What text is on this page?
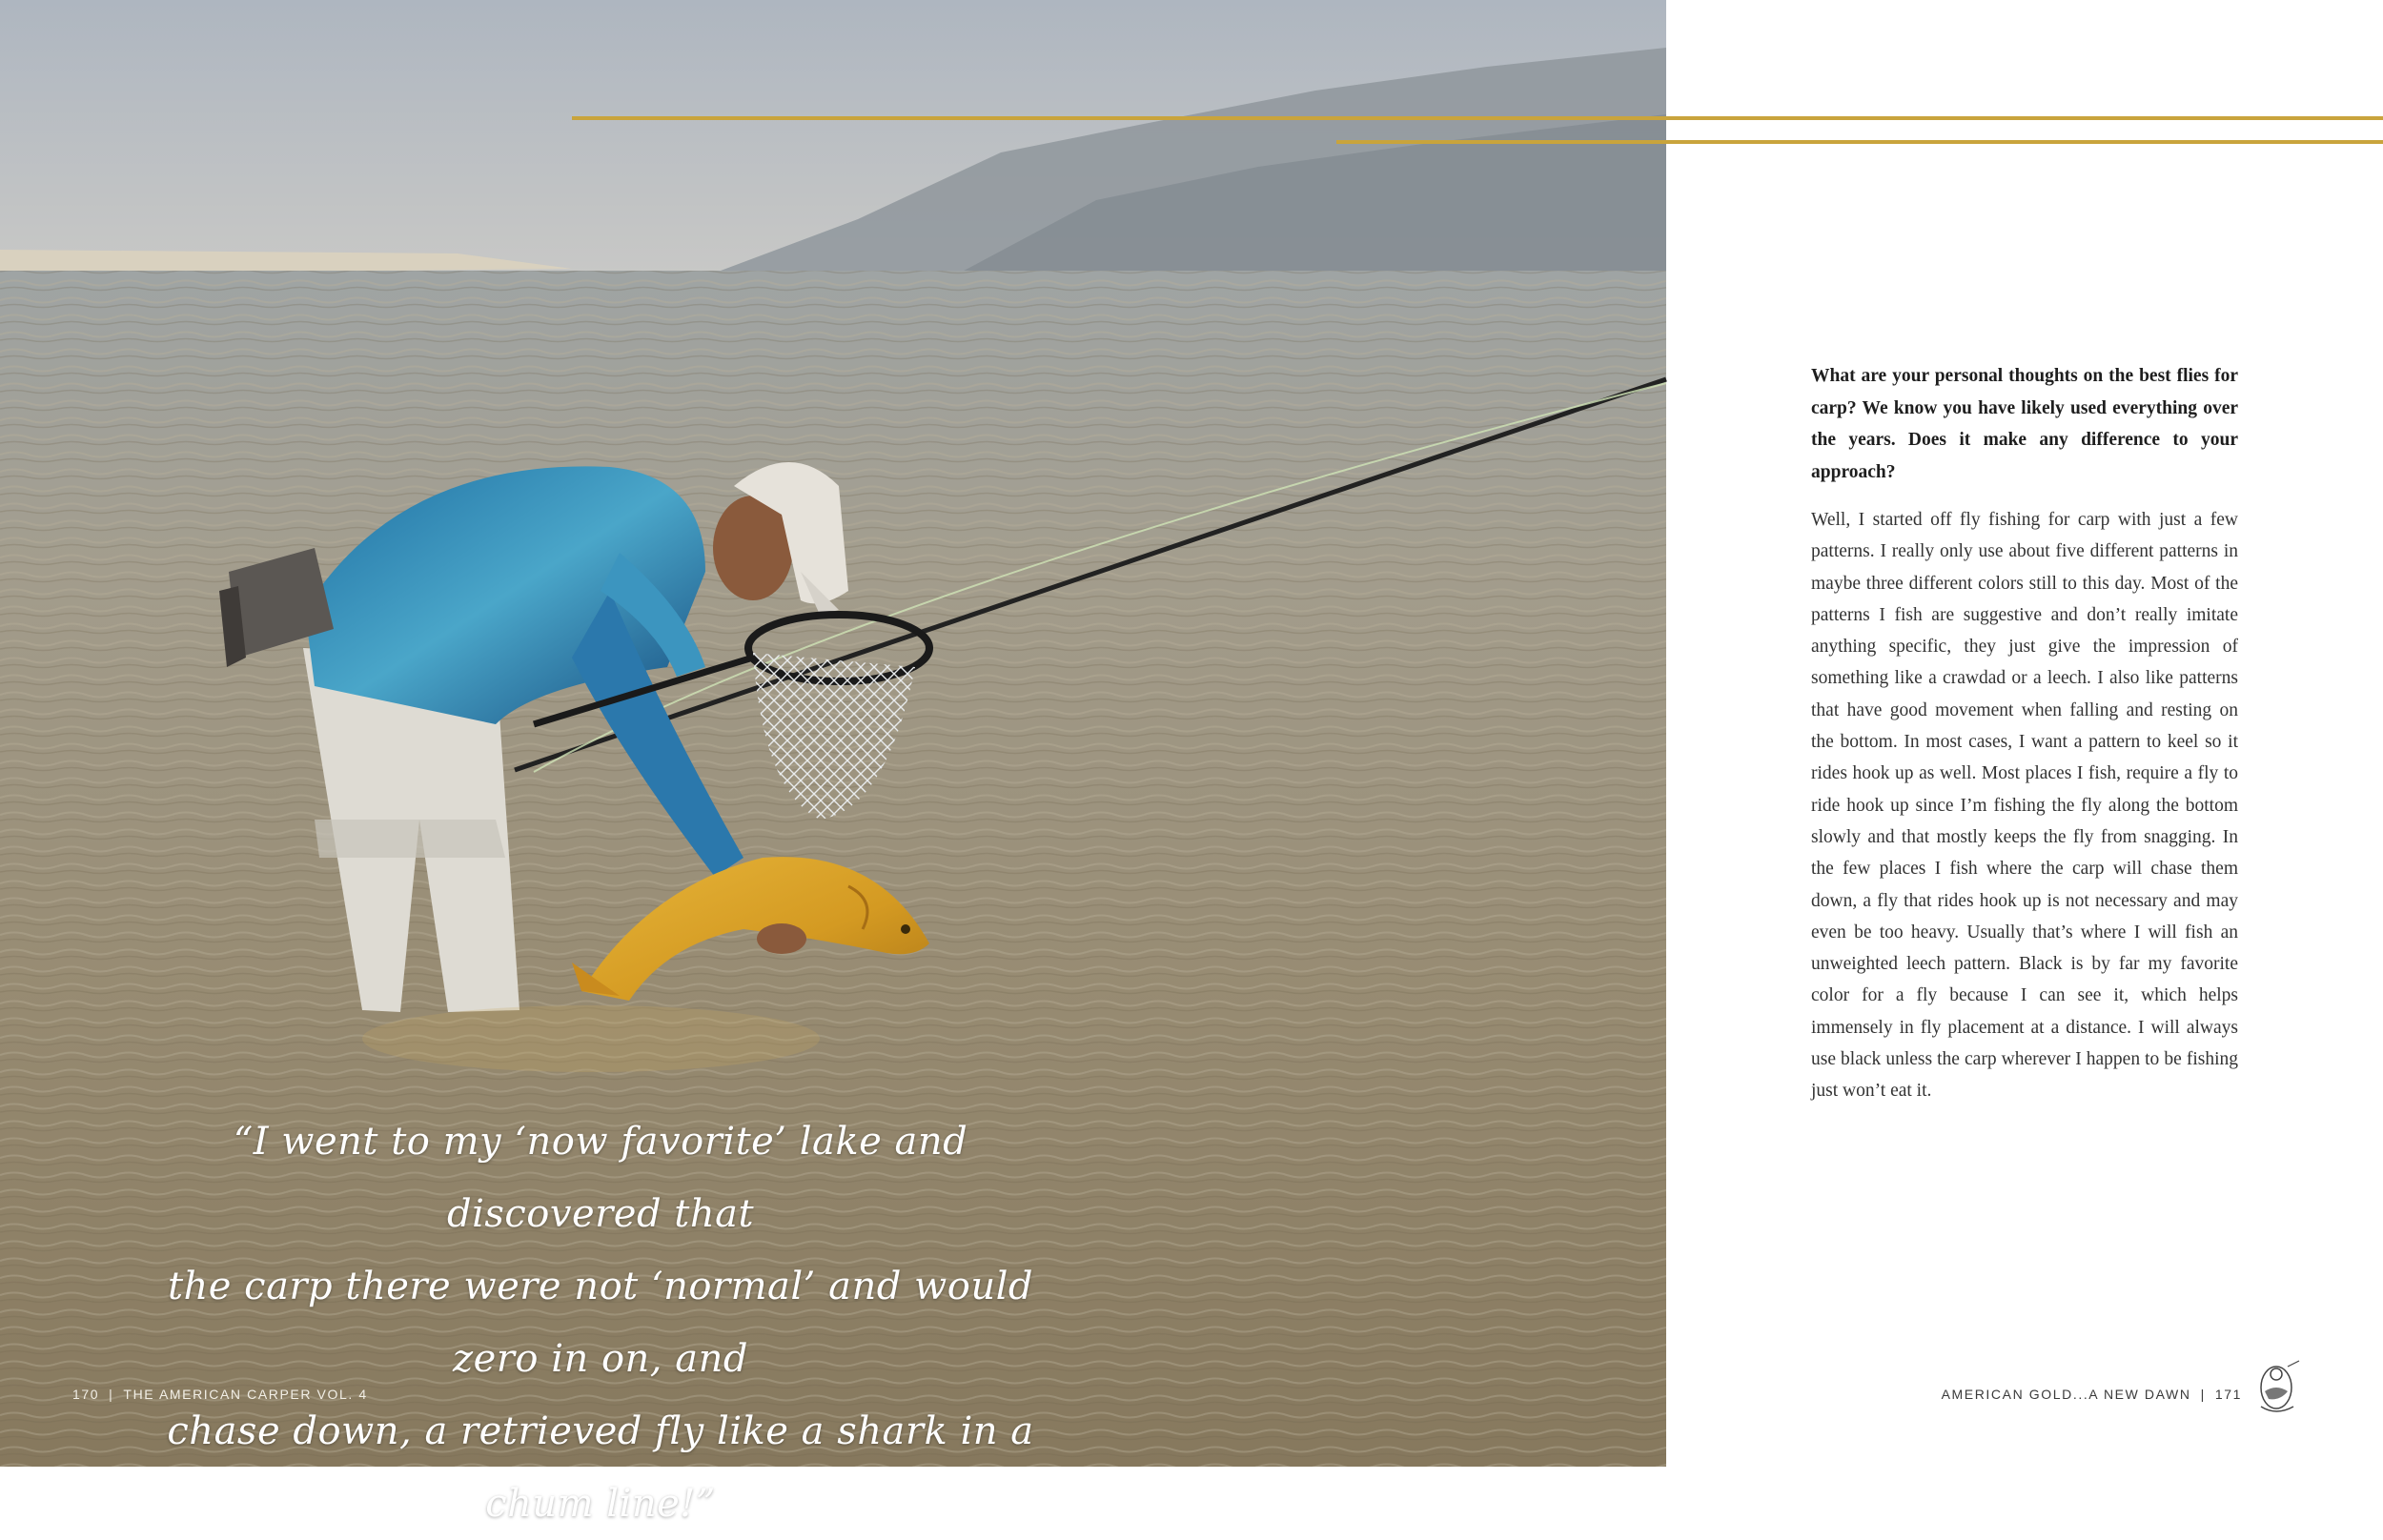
“I went to my ‘now favorite’ lake and discovered that
the carp there were not ‘normal’ and would zero in on, and
chase down, a retrieved fly like a shark in a chum line!”
170 | THE AMERICAN CARPER VOL. 4

What are your personal thoughts on the best flies for carp? We know you have likely used everything over the years. Does it make any difference to your approach?

Well, I started off fly fishing for carp with just a few patterns. I really only use about five different patterns in maybe three different colors still to this day. Most of the patterns I fish are suggestive and don’t really imitate anything specific, they just give the impression of something like a crawdad or a leech. I also like patterns that have good movement when falling and resting on the bottom. In most cases, I want a pattern to keel so it rides hook up as well. Most places I fish, require a fly to ride hook up since I’m fishing the fly along the bottom slowly and that mostly keeps the fly from snagging. In the few places I fish where the carp will chase them down, a fly that rides hook up is not necessary and may even be too heavy. Usually that’s where I will fish an unweighted leech pattern. Black is by far my favorite color for a fly because I can see it, which helps immensely in fly placement at a distance. I will always use black unless the carp wherever I happen to be fishing just won’t eat it.

AMERICAN GOLD...A NEW DAWN | 171
